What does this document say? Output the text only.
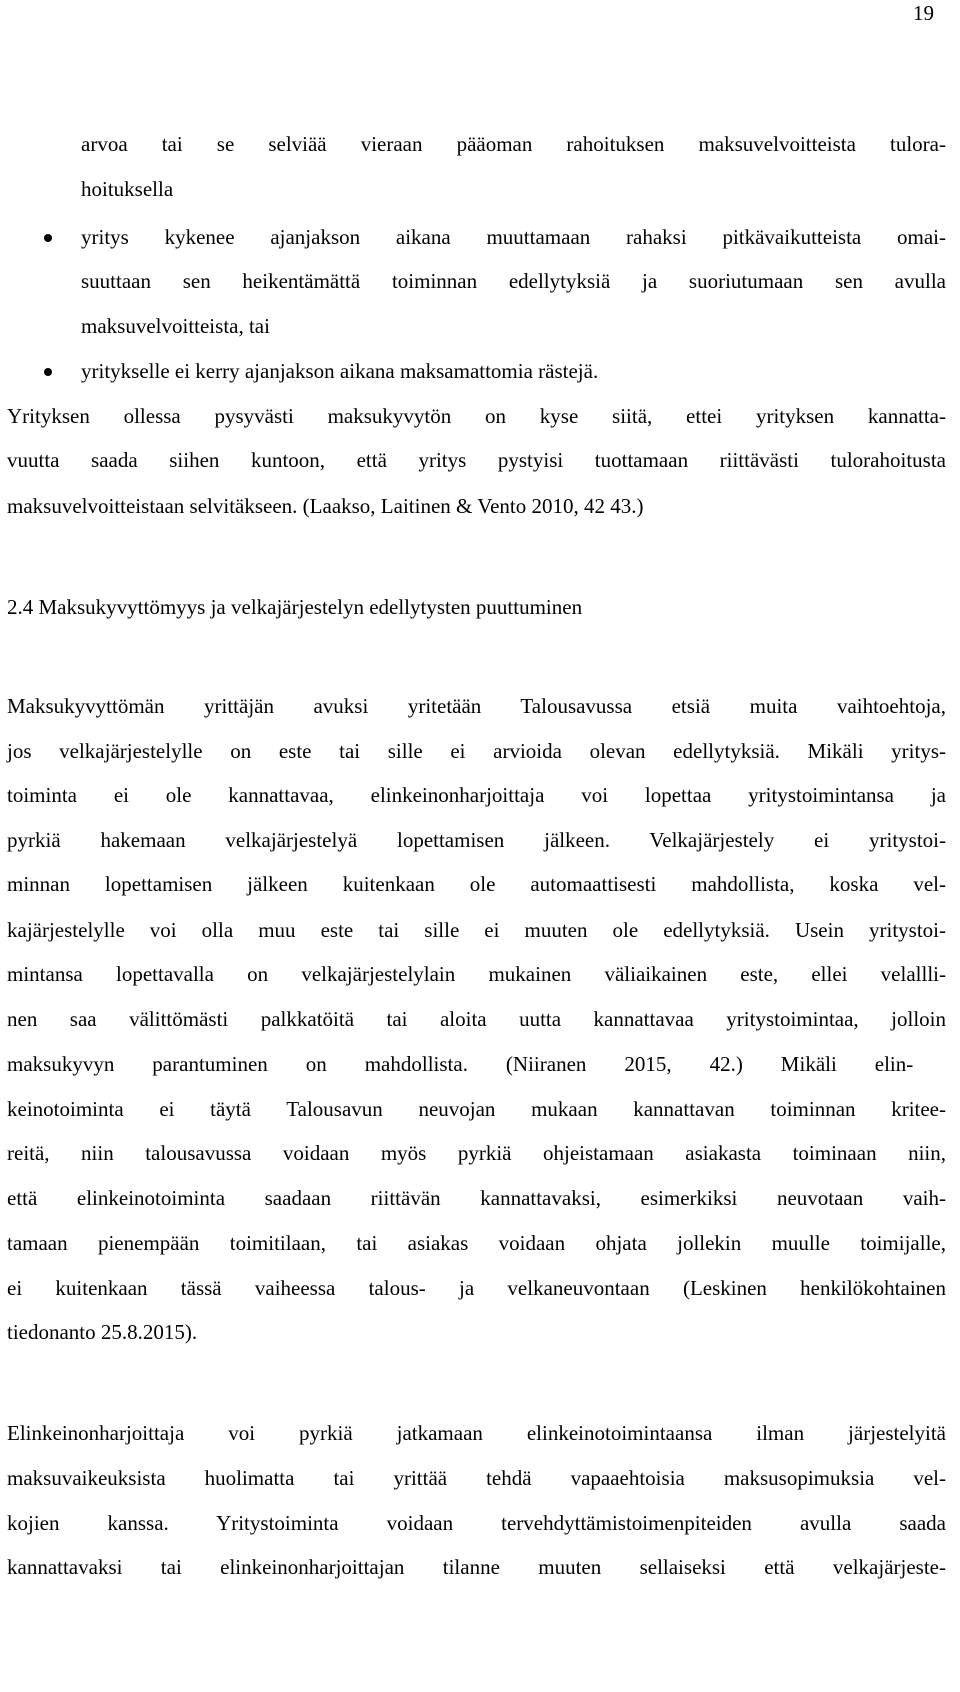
19
arvoa tai se selviää vieraan pääoman rahoituksen maksuvelvoitteista tulora-
hoituksella
yritys kykenee ajanjakson aikana muuttamaan rahaksi pitkävaikutteista omai-
suuttaan sen heikentämättä toiminnan edellytyksiä ja suoriutumaan sen avulla
maksuvelvoitteista, tai
yritykselle ei kerry ajanjakson aikana maksamattomia rästejä.
Yrityksen ollessa pysyvästi maksukyvytön on kyse siitä, ettei yrityksen kannatta-
vuutta saada siihen kuntoon, että yritys pystyisi tuottamaan riittävästi tulorahoitusta
maksuvelvoitteistaan selvitäkseen. (Laakso, Laitinen & Vento 2010, 42 43.)
2.4 Maksukyvyttömyys ja velkajärjestelyn edellytysten puuttuminen
Maksukyvyttömän yrittäjän avuksi yritetään Talousavussa etsiä muita vaihtoehtoja,
jos velkajärjestelylle on este tai sille ei arvioida olevan edellytyksiä. Mikäli yritys-
toiminta ei ole kannattavaa, elinkeinonharjoittaja voi lopettaa yritystoimintansa ja
pyrkiä hakemaan velkajärjestelyä lopettamisen jälkeen. Velkajärjestely ei yritystoi-
minnan lopettamisen jälkeen kuitenkaan ole automaattisesti mahdollista, koska vel-
kajärjestelylle voi olla muu este tai sille ei muuten ole edellytyksiä. Usein yritystoi-
mintansa lopettavalla on velkajärjestelylain mukainen väliaikainen este, ellei velallli-
nen saa välittömästi palkkatöitä tai aloita uutta kannattavaa yritystoimintaa, jolloin
maksukyvyn parantuminen on mahdollista. (Niiranen 2015, 42.) Mikäli elin-
keinotoiminta ei täytä Talousavun neuvojan mukaan kannattavan toiminnan kritee-
reitä, niin talousavussa voidaan myös pyrkiä ohjeistamaan asiakasta toiminaan niin,
että elinkeinotoiminta saadaan riittävän kannattavaksi, esimerkiksi neuvotaan vaih-
tamaan pienempään toimitilaan, tai asiakas voidaan ohjata jollekin muulle toimijalle,
ei kuitenkaan tässä vaiheessa talous- ja velkaneuvontaan (Leskinen henkilökohtainen
tiedonanto 25.8.2015).
Elinkeinonharjoittaja voi pyrkiä jatkamaan elinkeinotoimintaansa ilman järjestelyitä
maksuvaikeuksista huolimatta tai yrittää tehdä vapaaehtoisia maksusopimuksia vel-
kojien kanssa. Yritystoiminta voidaan tervehdyttämistoimenpiteiden avulla saada
kannattavaksi tai elinkeinonharjoittajan tilanne muuten sellaiseksi että velkajärjeste-
